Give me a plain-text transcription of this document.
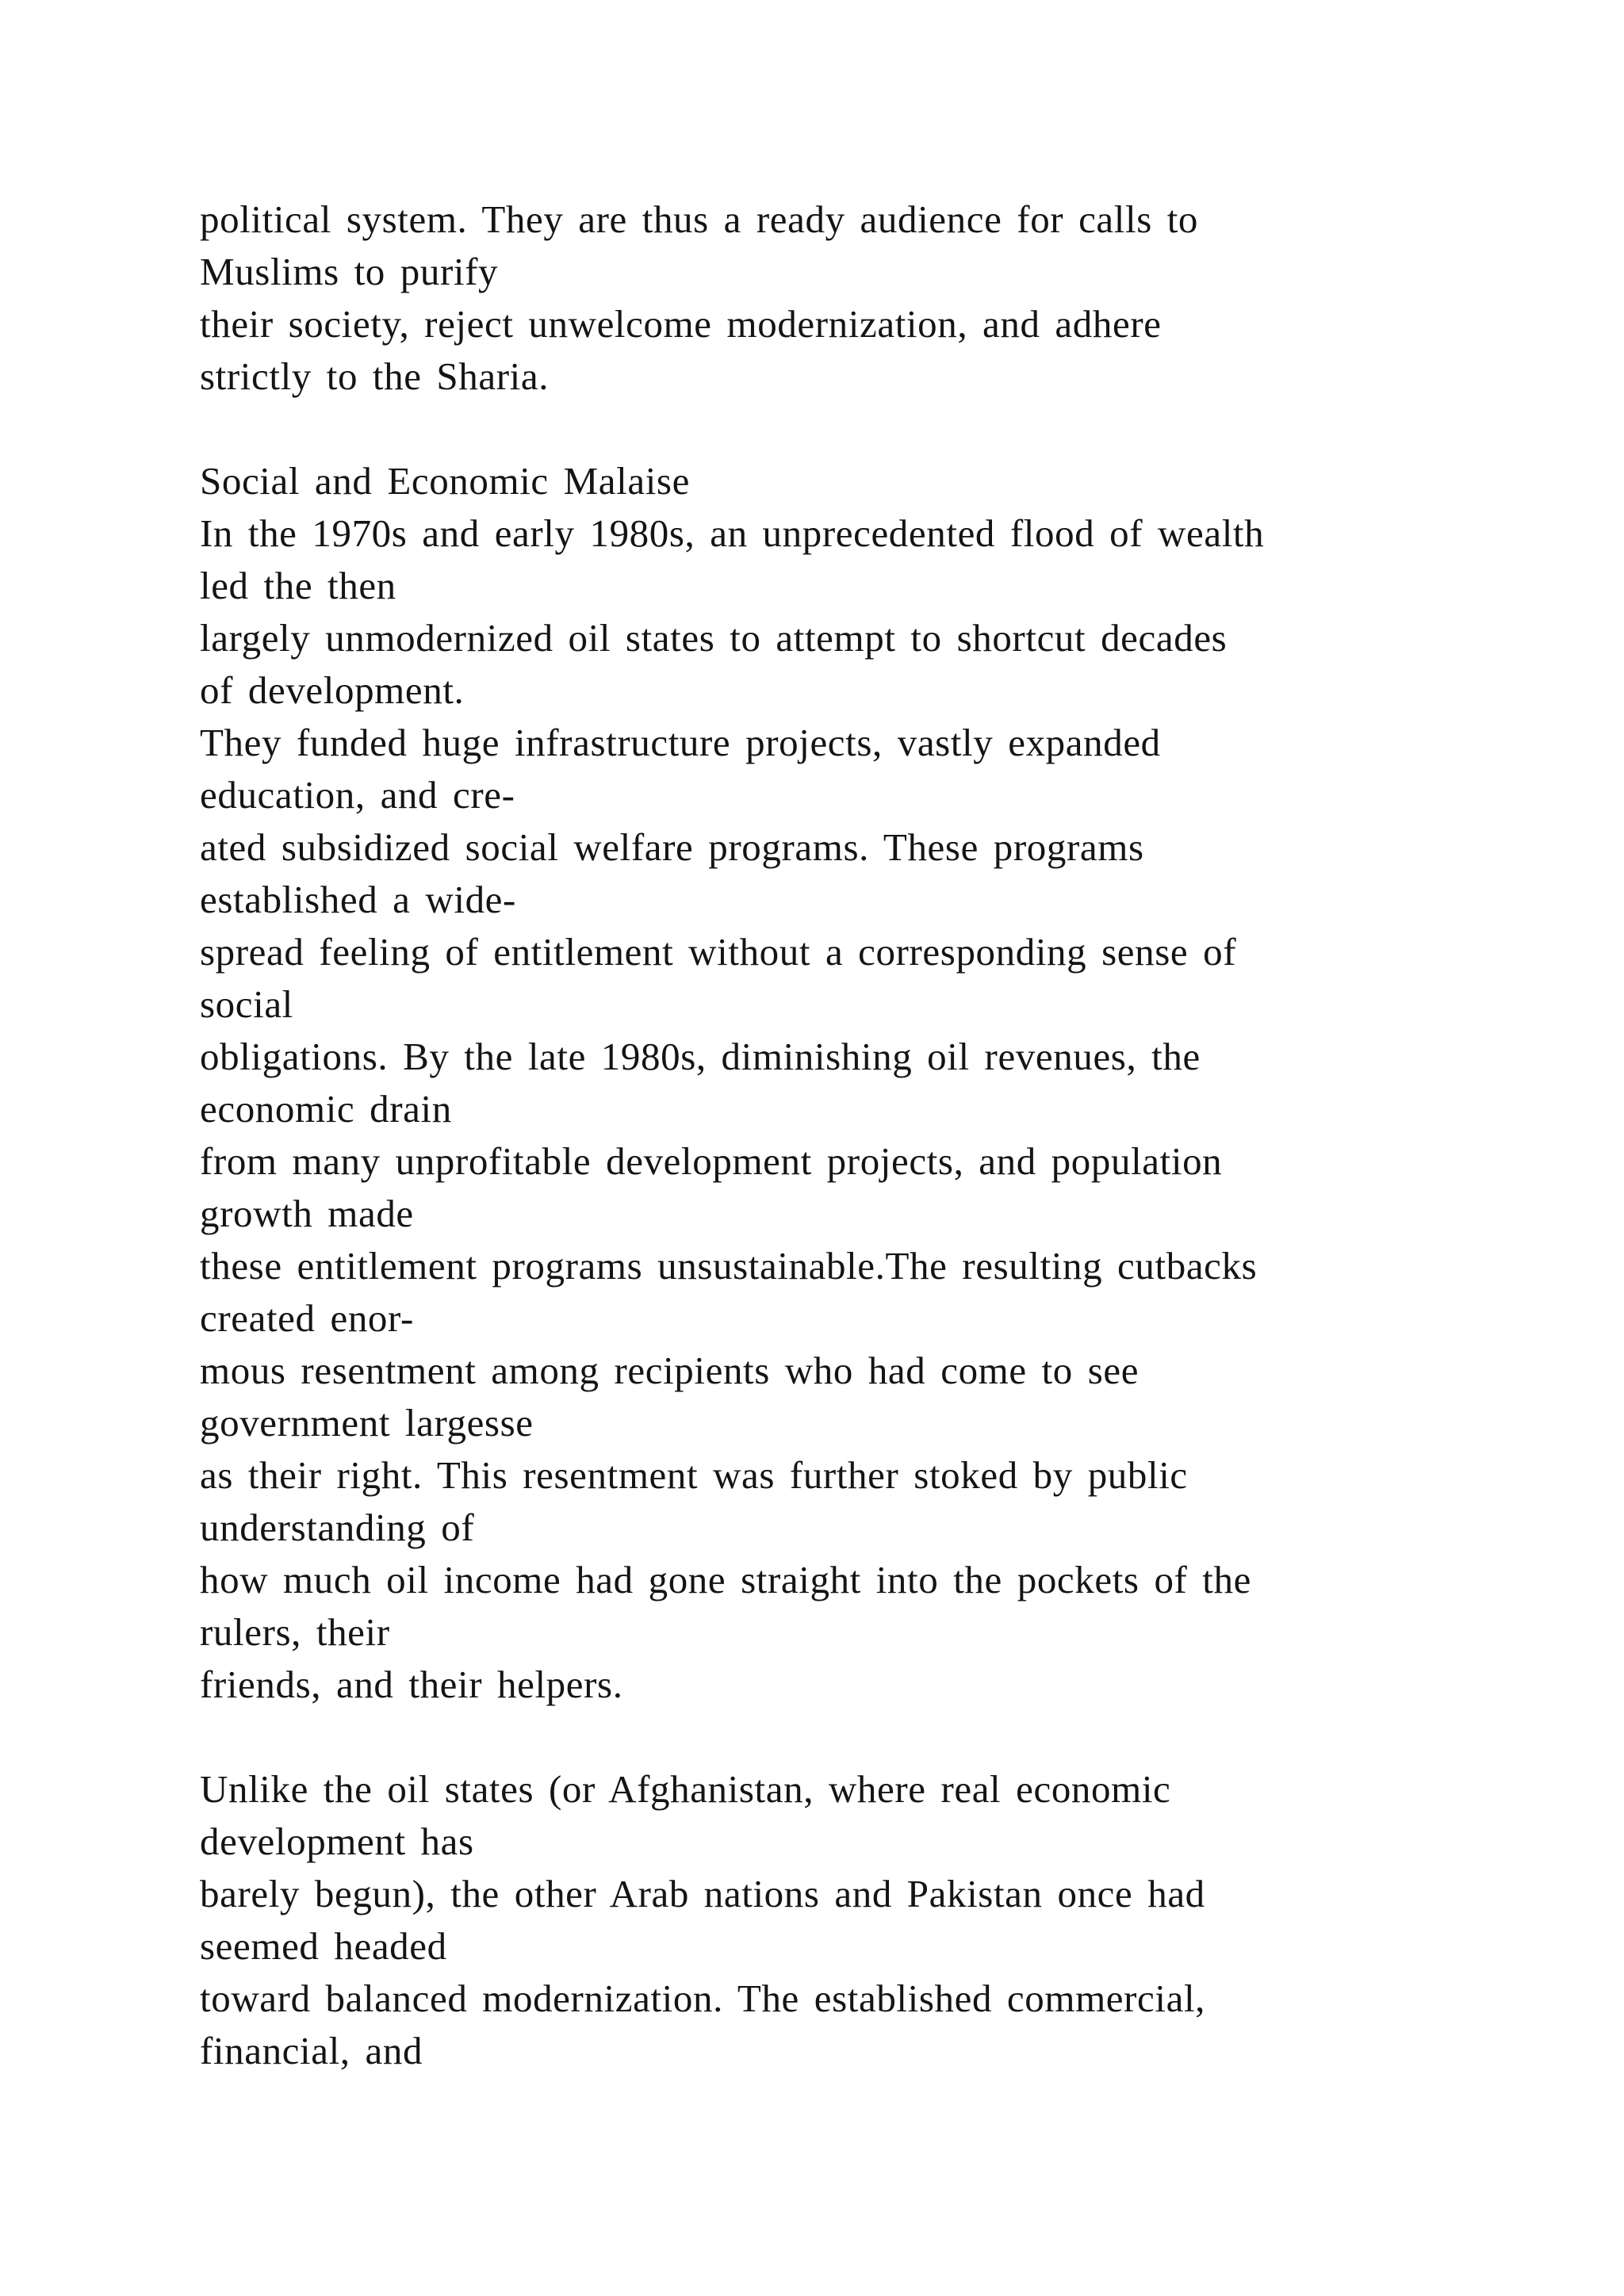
political system. They are thus a ready audience for calls to
Muslims to purify
their society, reject unwelcome modernization, and adhere
strictly to the Sharia.
Social and Economic Malaise
In the 1970s and early 1980s, an unprecedented flood of wealth
led the then
largely unmodernized oil states to attempt to shortcut decades
of development.
They funded huge infrastructure projects, vastly expanded
education, and cre-
ated subsidized social welfare programs. These programs
established a wide-
spread feeling of entitlement without a corresponding sense of
social
obligations. By the late 1980s, diminishing oil revenues, the
economic drain
from many unprofitable development projects, and population
growth made
these entitlement programs unsustainable.The resulting cutbacks
created enor-
mous resentment among recipients who had come to see
government largesse
as their right. This resentment was further stoked by public
understanding of
how much oil income had gone straight into the pockets of the
rulers, their
friends, and their helpers.
Unlike the oil states (or Afghanistan, where real economic
development has
barely begun), the other Arab nations and Pakistan once had
seemed headed
toward balanced modernization. The established commercial,
financial, and
